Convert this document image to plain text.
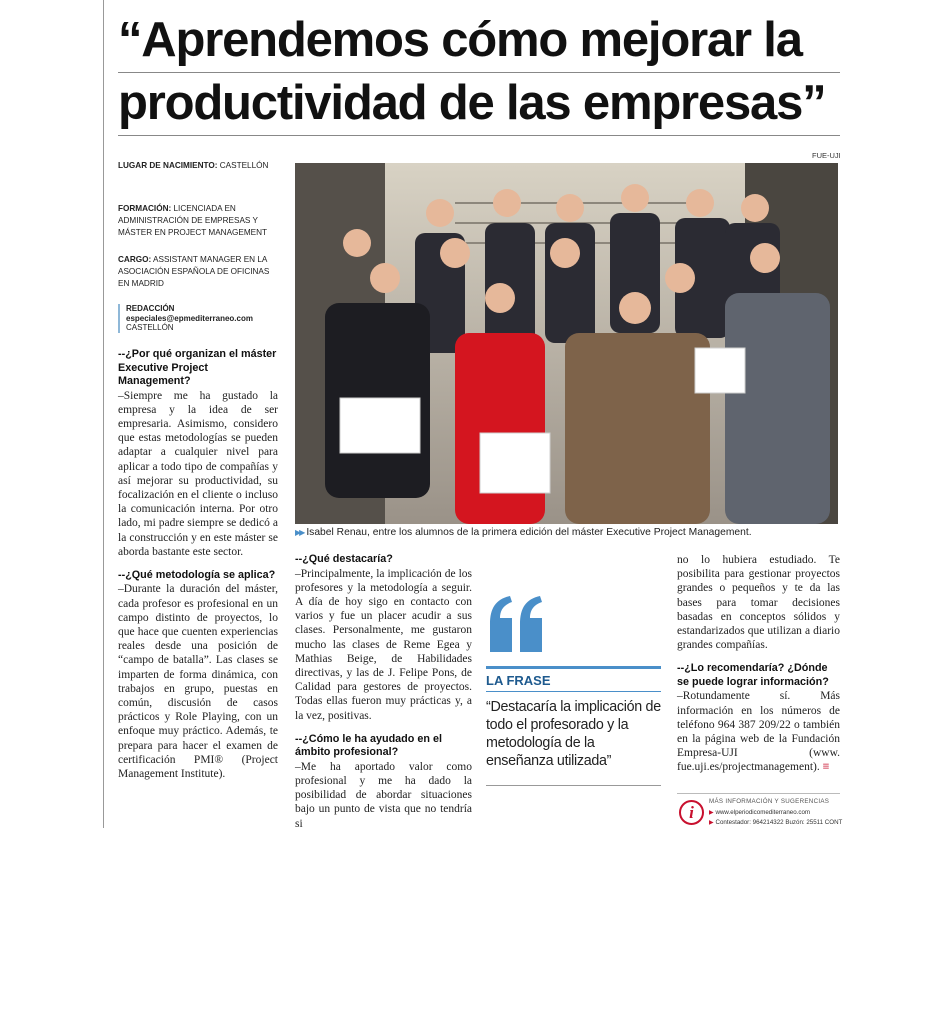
“Aprendemos cómo mejorar la
productividad de las empresas”

LUGAR DE NACIMIENTO: CASTELLÓN

FORMACIÓN: LICENCIADA EN ADMINISTRACIÓN DE EMPRESAS Y MÁSTER EN PROJECT MANAGEMENT

CARGO: ASSISTANT MANAGER EN LA ASOCIACIÓN ESPAÑOLA DE OFICINAS EN MADRID

REDACCIÓN
especiales@epmediterraneo.com
CASTELLÓN

--¿Por qué organizan el máster Executive Project Management?

–Siempre me ha gustado la empresa y la idea de ser empresaria. Asimismo, considero que estas metodologías se pueden adaptar a cualquier nivel para aplicar a todo tipo de compañías y así mejorar su productividad, su focalización en el cliente o incluso la comunicación interna. Por otro lado, mi padre siempre se dedicó a la construcción y en este máster se aborda bastante este sector.

--¿Qué metodología se aplica?

–Durante la duración del máster, cada profesor es profesional en un campo distinto de proyectos, lo que hace que cuenten experiencias reales desde una posición de “campo de batalla”. Las clases se imparten de forma dinámica, con trabajos en grupo, puestas en común, discusión de casos prácticos y Role Playing, con un enfoque muy práctico. Además, te prepara para hacer el examen de certificación PMI® (Project Management Institute).

FUE-UJI
▶▶ Isabel Renau, entre los alumnos de la primera edición del máster Executive Project Management.

--¿Qué destacaría?

–Principalmente, la implicación de los profesores y la metodología a seguir. A día de hoy sigo en contacto con varios y fue un placer acudir a sus clases. Personalmente, me gustaron mucho las clases de Reme Egea y Mathias Beige, de Habilidades directivas, y las de J. Felipe Pons, de Calidad para gestores de proyectos. Todas ellas fueron muy prácticas y, a la vez, positivas.

--¿Cómo le ha ayudado en el ámbito profesional?

–Me ha aportado valor como profesional y me ha dado la posibilidad de abordar situaciones bajo un punto de vista que no tendría si

LA FRASE

“Destacaría la implicación de todo el profesorado y la metodología de la enseñanza utilizada”

no lo hubiera estudiado. Te posibilita para gestionar proyectos grandes o pequeños y te da las bases para tomar decisiones basadas en conceptos sólidos y estandarizados que utilizan a diario grandes compañías.

--¿Lo recomendaría? ¿Dónde se puede lograr información?

–Rotundamente sí. Más información en los números de teléfono 964 387 209/22 o también en la página web de la Fundación Empresa-UJI (www. fue.uji.es/projectmanagement). ≡

i
MÁS INFORMACIÓN Y SUGERENCIAS
▶ www.elperiodicomediterraneo.com
▶ Contestador: 964214322 Buzón: 25511 CONT
